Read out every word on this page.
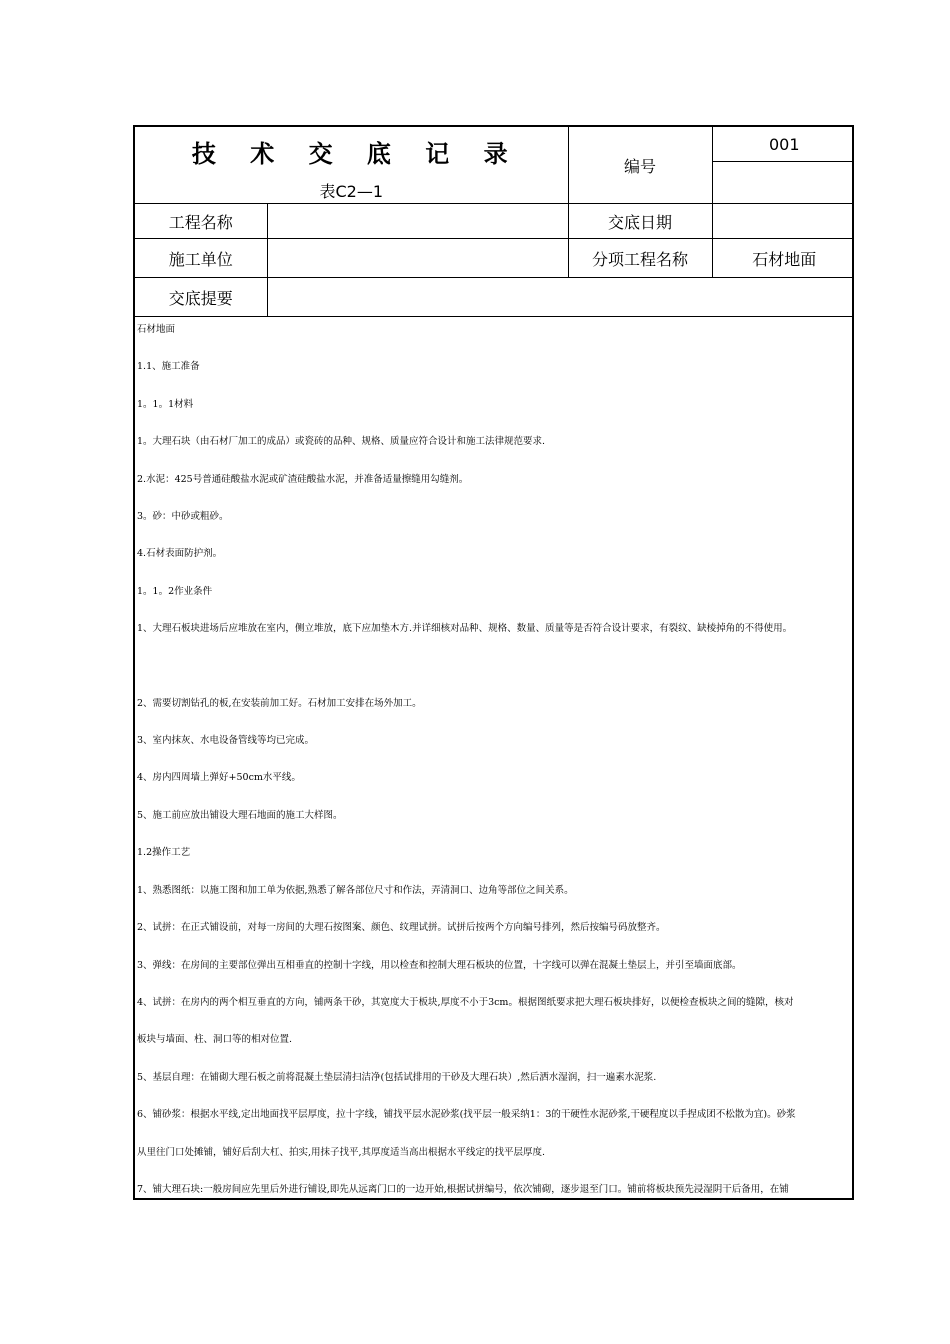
技 术 交 底 记 录
表C2—1		编号	001

工程名称		交底日期	
施工单位		分项工程名称	石材地面
交底提要			

石材地面

1.1、施工准备

1。1。1材料

1。大理石块（由石材厂加工的成品）或瓷砖的品种、规格、质量应符合设计和施工法律规范要求.

2.水泥：425号普通硅酸盐水泥或矿渣硅酸盐水泥，并准备适量擦缝用勾缝剂。

3。砂：中砂或粗砂。

4.石材表面防护剂。

1。1。2作业条件

1、大理石板块进场后应堆放在室内，侧立堆放，底下应加垫木方.并详细核对品种、规格、数量、质量等是否符合设计要求，有裂纹、缺棱掉角的不得使用。

2、需要切割钻孔的板,在安装前加工好。石材加工安排在场外加工。

3、室内抹灰、水电设备管线等均已完成。

4、房内四周墙上弹好+50cm水平线。

5、施工前应放出铺设大理石地面的施工大样图。

1.2操作工艺

1、熟悉图纸：以施工图和加工单为依据,熟悉了解各部位尺寸和作法，弄清洞口、边角等部位之间关系。

2、试拼：在正式铺设前，对每一房间的大理石按图案、颜色、纹理试拼。试拼后按两个方向编号排列，然后按编号码放整齐。

3、弹线：在房间的主要部位弹出互相垂直的控制十字线，用以检查和控制大理石板块的位置，十字线可以弹在混凝土垫层上，并引至墙面底部。

4、试拼：在房内的两个相互垂直的方向，铺两条干砂，其宽度大于板块,厚度不小于3cm。根据图纸要求把大理石板块排好，以便检查板块之间的缝隙，核对

板块与墙面、柱、洞口等的相对位置.

5、基层自理：在铺砌大理石板之前将混凝土垫层清扫洁净(包括试排用的干砂及大理石块）,然后洒水湿润，扫一遍素水泥浆.

6、铺砂浆：根据水平线,定出地面找平层厚度，拉十字线，铺找平层水泥砂浆(找平层一般采纳1：3的干硬性水泥砂浆,干硬程度以手捏成团不松散为宜)。砂浆

从里往门口处摊铺，铺好后刮大杠、拍实,用抹子找平,其厚度适当高出根据水平线定的找平层厚度.

7、铺大理石块:一般房间应先里后外进行铺设,即先从远离门口的一边开始,根据试拼编号，依次铺砌，逐步退至门口。铺前将板块预先浸湿阴干后备用，在铺
